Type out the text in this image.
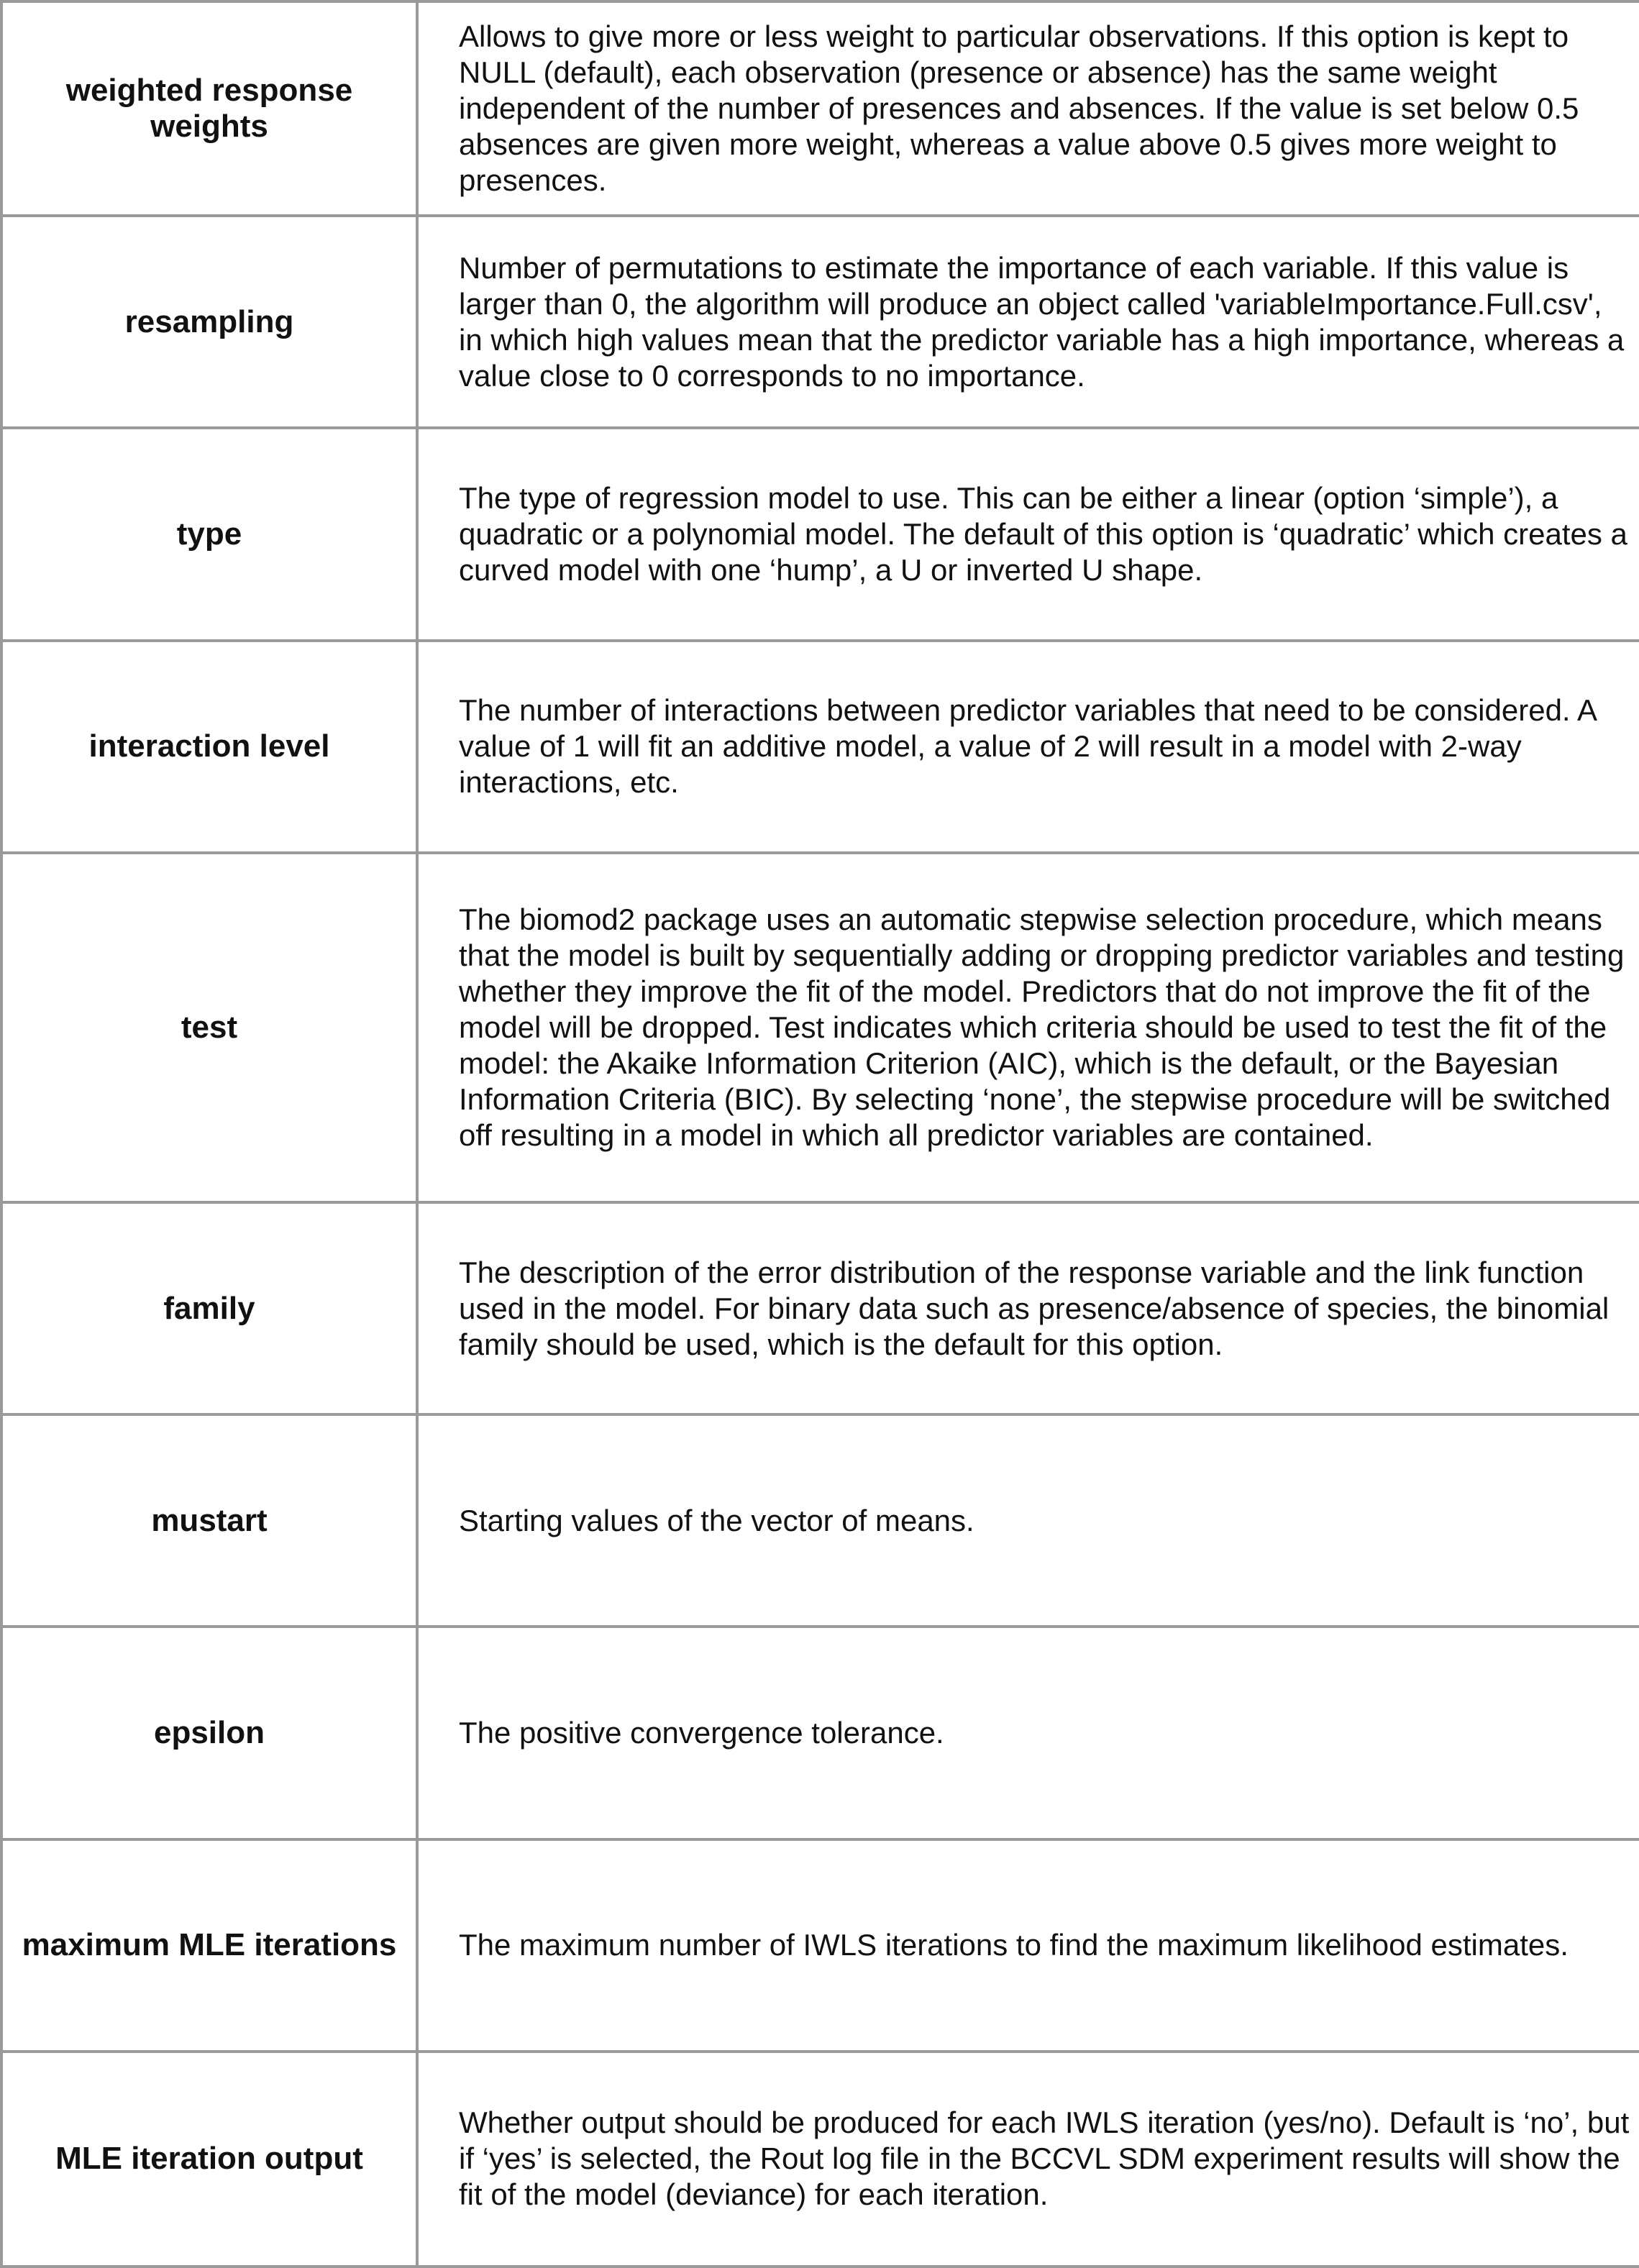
weighted response weights	Allows to give more or less weight to particular observations. If this option is kept to NULL (default), each observation (presence or absence) has the same weight independent of the number of presences and absences. If the value is set below 0.5 absences are given more weight, whereas a value above 0.5 gives more weight to presences.
resampling	Number of permutations to estimate the importance of each variable. If this value is larger than 0, the algorithm will produce an object called 'variableImportance.Full.csv', in which high values mean that the predictor variable has a high importance, whereas a value close to 0 corresponds to no importance.
type	The type of regression model to use. This can be either a linear (option ‘simple’), a quadratic or a polynomial model. The default of this option is ‘quadratic’ which creates a curved model with one ‘hump’, a U or inverted U shape.
interaction level	The number of interactions between predictor variables that need to be considered. A value of 1 will fit an additive model, a value of 2 will result in a model with 2-way interactions, etc.
test	The biomod2 package uses an automatic stepwise selection procedure, which means that the model is built by sequentially adding or dropping predictor variables and testing whether they improve the fit of the model. Predictors that do not improve the fit of the model will be dropped. Test indicates which criteria should be used to test the fit of the model: the Akaike Information Criterion (AIC), which is the default, or the Bayesian Information Criteria (BIC). By selecting ‘none’, the stepwise procedure will be switched off resulting in a model in which all predictor variables are contained.
family	The description of the error distribution of the response variable and the link function used in the model. For binary data such as presence/absence of species, the binomial family should be used, which is the default for this option.
mustart	Starting values of the vector of means.
epsilon	The positive convergence tolerance.
maximum MLE iterations	The maximum number of IWLS iterations to find the maximum likelihood estimates.
MLE iteration output	Whether output should be produced for each IWLS iteration (yes/no). Default is ‘no’, but if ‘yes’ is selected, the Rout log file in the BCCVL SDM experiment results will show the fit of the model (deviance) for each iteration.
